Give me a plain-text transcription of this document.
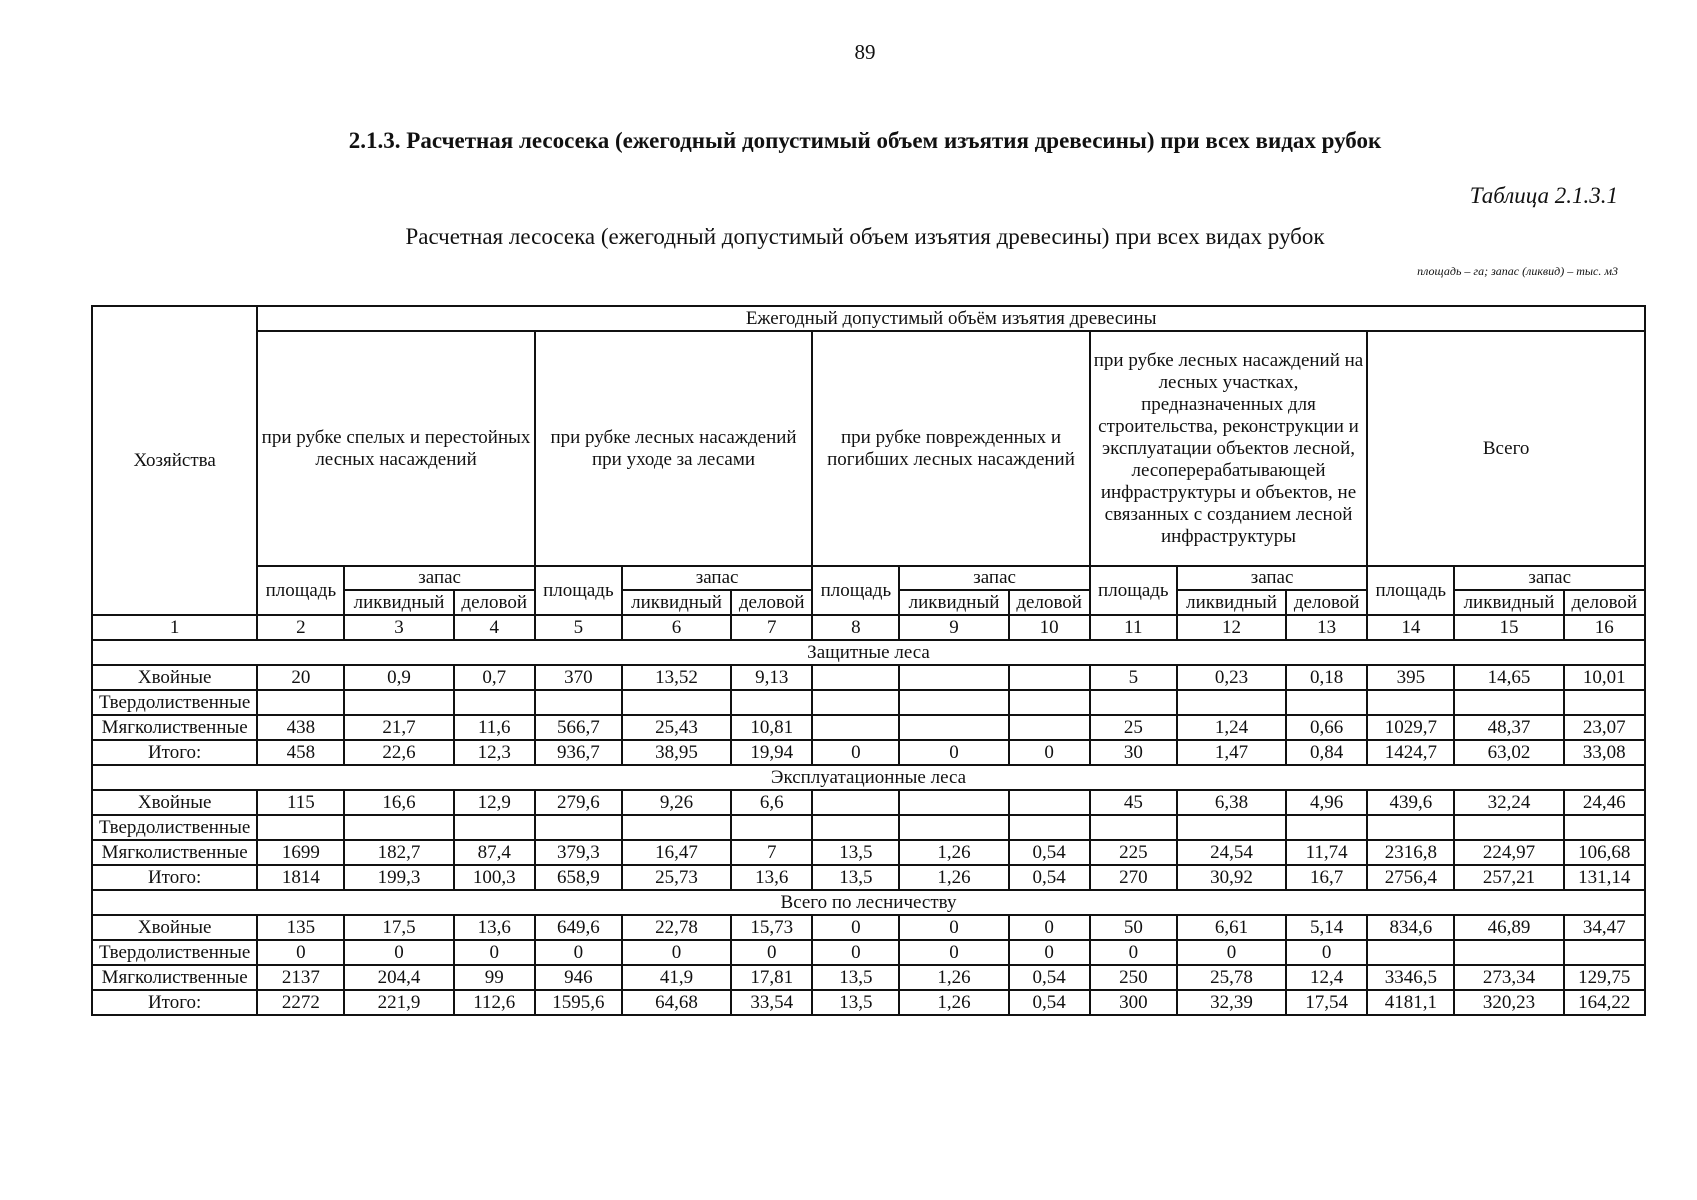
89
2.1.3. Расчетная лесосека (ежегодный допустимый объем изъятия древесины) при всех видах рубок
Таблица 2.1.3.1
Расчетная лесосека (ежегодный допустимый объем изъятия древесины) при всех видах рубок
площадь – га; запас (ликвид) – тыс. м3
Хозяйства	Ежегодный допустимый объём изъятия древесины														
	при рубке спелых и перестойных лесных насаждений			при рубке лесных насаждений при уходе за лесами			при рубке поврежденных и погибших лесных насаждений			при рубке лесных насаждений на лесных участках, предназначенных для строительства, реконструкции и эксплуатации объектов лесной, лесоперерабатывающей инфраструктуры и объектов, не связанных с созданием лесной инфраструктуры			Всего		
	площадь	запас		площадь	запас		площадь	запас		площадь	запас		площадь	запас	
		ликвидный	деловой		ликвидный	деловой		ликвидный	деловой		ликвидный	деловой		ликвидный	деловой
1	2	3	4	5	6	7	8	9	10	11	12	13	14	15	16
Защитные леса															
Хвойные	20	0,9	0,7	370	13,52	9,13				5	0,23	0,18	395	14,65	10,01
Твердолиственные															
Мягколиственные	438	21,7	11,6	566,7	25,43	10,81				25	1,24	0,66	1029,7	48,37	23,07
Итого:	458	22,6	12,3	936,7	38,95	19,94	0	0	0	30	1,47	0,84	1424,7	63,02	33,08
Эксплуатационные леса															
Хвойные	115	16,6	12,9	279,6	9,26	6,6				45	6,38	4,96	439,6	32,24	24,46
Твердолиственные															
Мягколиственные	1699	182,7	87,4	379,3	16,47	7	13,5	1,26	0,54	225	24,54	11,74	2316,8	224,97	106,68
Итого:	1814	199,3	100,3	658,9	25,73	13,6	13,5	1,26	0,54	270	30,92	16,7	2756,4	257,21	131,14
Всего по лесничеству															
Хвойные	135	17,5	13,6	649,6	22,78	15,73	0	0	0	50	6,61	5,14	834,6	46,89	34,47
Твердолиственные	0	0	0	0	0	0	0	0	0	0	0	0			
Мягколиственные	2137	204,4	99	946	41,9	17,81	13,5	1,26	0,54	250	25,78	12,4	3346,5	273,34	129,75
Итого:	2272	221,9	112,6	1595,6	64,68	33,54	13,5	1,26	0,54	300	32,39	17,54	4181,1	320,23	164,22
